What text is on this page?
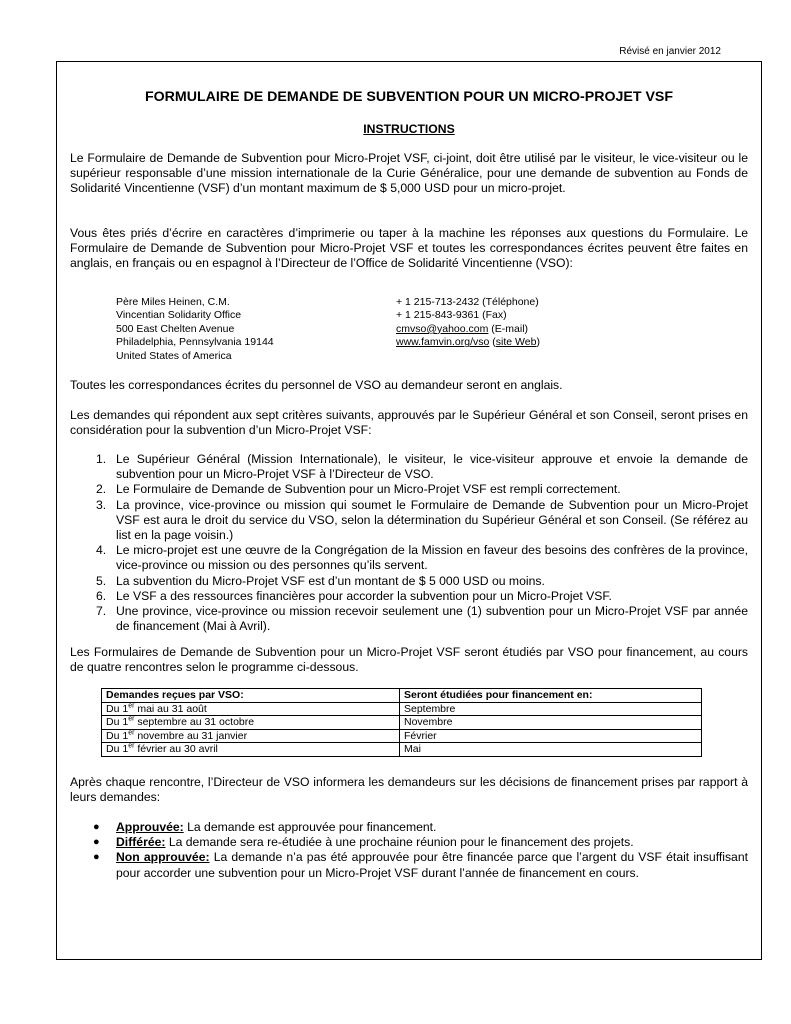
Révisé en janvier 2012
FORMULAIRE DE DEMANDE DE SUBVENTION POUR UN MICRO-PROJET VSF
INSTRUCTIONS

Le Formulaire de Demande de Subvention pour Micro-Projet VSF, ci-joint, doit être utilisé par le visiteur, le vice-visiteur ou le supérieur responsable d’une mission internationale de la Curie Généralice, pour une demande de subvention au Fonds de Solidarité Vincentienne (VSF) d’un montant maximum de $ 5,000 USD pour un micro-projet.

Vous êtes priés d’écrire en caractères d’imprimerie ou taper à la machine les réponses aux questions du Formulaire. Le Formulaire de Demande de Subvention pour Micro-Projet VSF et toutes les correspondances écrites peuvent être faites en anglais, en français ou en espagnol à l’Directeur de l’Office de Solidarité Vincentienne (VSO):

Père Miles Heinen, C.M.
Vincentian Solidarity Office
500 East Chelten Avenue
Philadelphia, Pennsylvania 19144
United States of America
+ 1 215-713-2432 (Téléphone)
+ 1 215-843-9361 (Fax)
cmvso@yahoo.com (E-mail)
www.famvin.org/vso (site Web)

Toutes les correspondances écrites du personnel de VSO au demandeur seront en anglais.

Les demandes qui répondent aux sept critères suivants, approuvés par le Supérieur Général et son Conseil, seront prises en considération pour la subvention d’un Micro-Projet VSF:

1. Le Supérieur Général (Mission Internationale), le visiteur, le vice-visiteur approuve et envoie la demande de subvention pour un Micro-Projet VSF à l’Directeur de VSO.
2. Le Formulaire de Demande de Subvention pour un Micro-Projet VSF est rempli correctement.
3. La province, vice-province ou mission qui soumet le Formulaire de Demande de Subvention pour un Micro-Projet VSF est aura le droit du service du VSO, selon la détermination du Supérieur Général et son Conseil. (Se référez au list en la page voisin.)
4. Le micro-projet est une œuvre de la Congrégation de la Mission en faveur des besoins des confrères de la province, vice-province ou mission ou des personnes qu’ils servent.
5. La subvention du Micro-Projet VSF est d’un montant de $ 5 000 USD ou moins.
6. Le VSF a des ressources financières pour accorder la subvention pour un Micro-Projet VSF.
7. Une province, vice-province ou mission recevoir seulement une (1) subvention pour un Micro-Projet VSF par année de financement (Mai à Avril).

Les Formulaires de Demande de Subvention pour un Micro-Projet VSF seront étudiés par VSO pour financement, au cours de quatre rencontres selon le programme ci-dessous.

Demandes reçues par VSO:	Seront étudiées pour financement en:
Du 1er mai au 31 août	Septembre
Du 1er septembre au 31 octobre	Novembre
Du 1er novembre au 31 janvier	Février
Du 1er février au 30 avril	Mai

Après chaque rencontre, l’Directeur de VSO informera les demandeurs sur les décisions de financement prises par rapport à leurs demandes:

● Approuvée: La demande est approuvée pour financement.
● Différée: La demande sera re-étudiée à une prochaine réunion pour le financement des projets.
● Non approuvée: La demande n’a pas été approuvée pour être financée parce que l’argent du VSF était insuffisant pour accorder une subvention pour un Micro-Projet VSF durant l’année de financement en cours.
